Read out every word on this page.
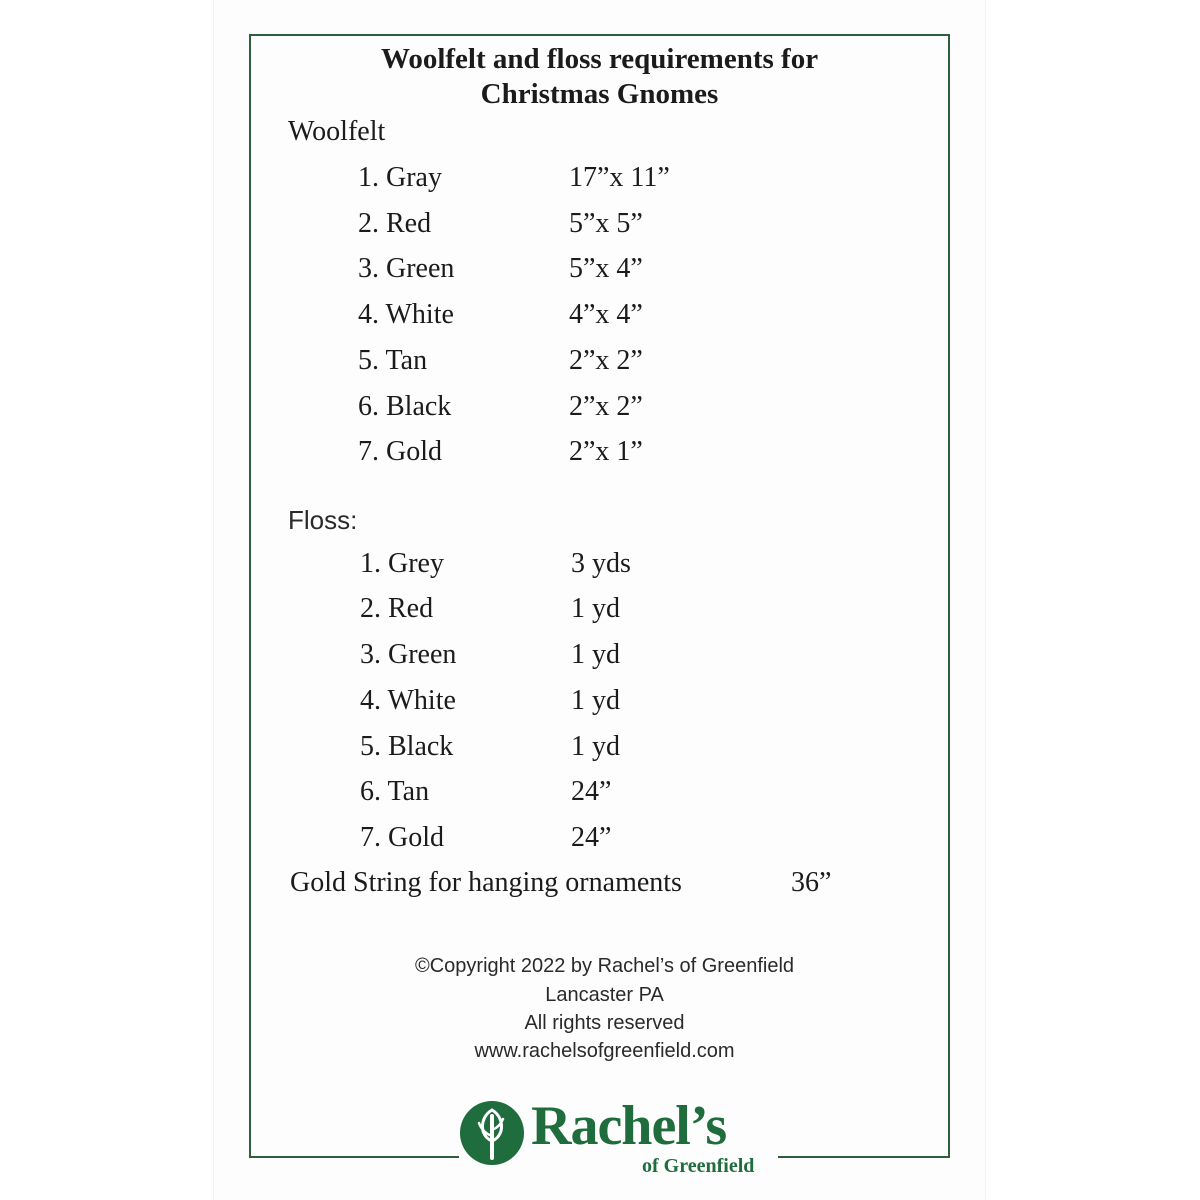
Woolfelt and floss requirements for
Christmas Gnomes
Woolfelt
1. Gray	17”x 11”
2. Red	5”x 5”
3. Green	5”x 4”
4. White	4”x 4”
5. Tan	2”x 2”
6. Black	2”x 2”
7. Gold	2”x 1”
Floss:
1. Grey	3 yds
2. Red	1 yd
3. Green	1 yd
4. White	1 yd
5. Black	1 yd
6. Tan	24”
7. Gold	24”
Gold String for hanging ornaments	36”
©Copyright 2022 by Rachel’s of Greenfield
Lancaster PA
All rights reserved
www.rachelsofgreenfield.com
Rachel’s
of Greenfield
